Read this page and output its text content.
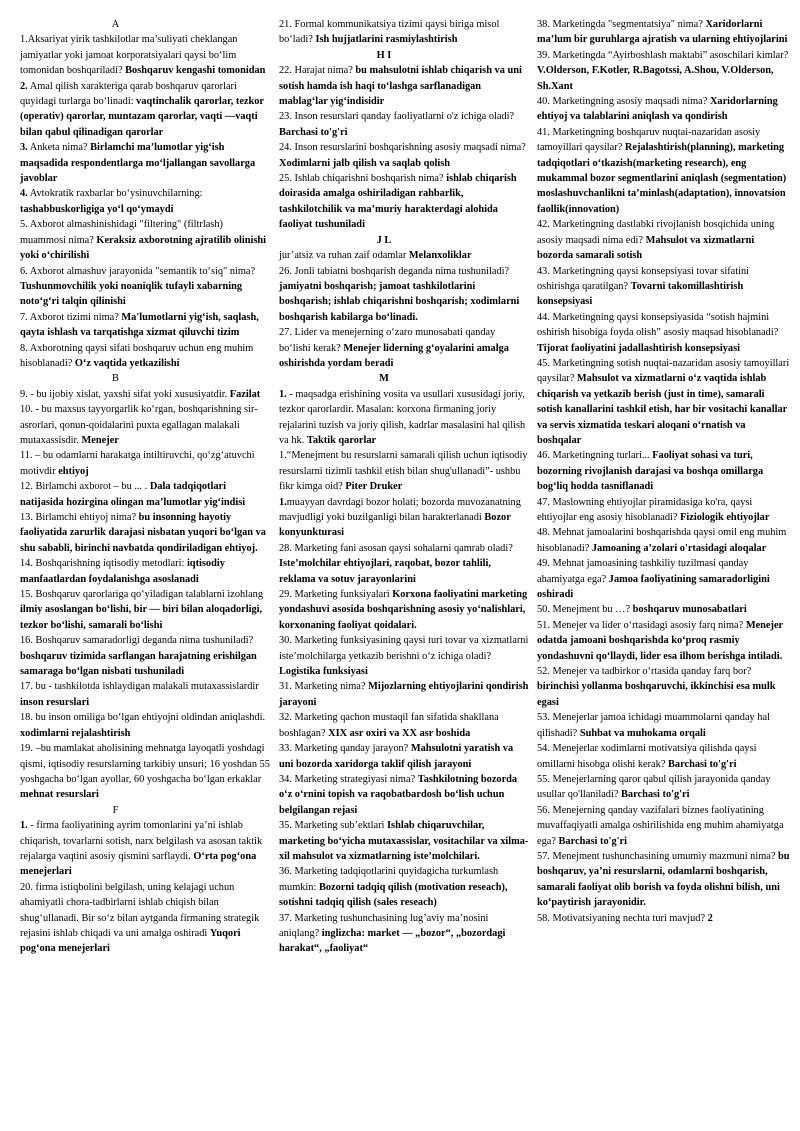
A

1.Aksariyat yirik tashkilotlar ma’suliyati cheklangan jamiyatlar yoki jamoat korporatsiyalari qaysi bo‘lim tomonidan boshqariladi? Boshqaruv kengashi tomonidan

2. Amal qilish xarakteriga qarab boshqaruv qarorlari quyidagi turlarga bo‘linadi: vaqtinchalik qarorlar, tezkor (operativ) qarorlar, muntazam qarorlar, vaqti —vaqti bilan qabul qilinadigan qarorlar

3. Anketa nima? Birlamchi ma’lumotlar yig‘ish maqsadida respondentlarga mo‘ljallangan savollarga javoblar

4. Avtokratik raxbarlar bo‘ysinuvchilarning: tashabbuskorligiga yo‘l qo‘ymaydi

5. Axborot almashinishidagi "filtering" (filtrlash) muammosi nima? Keraksiz axborotning ajratilib olinishi yoki o‘chirilishi

6. Axborot almashuv jarayonida "semantik to‘siq" nima? Tushunmovchilik yoki noaniqlik tufayli xabarning noto‘g‘ri talqin qilinishi

7. Axborot tizimi nima? Ma'lumotlarni yig‘ish, saqlash, qayta ishlash va tarqatishga xizmat qiluvchi tizim

8. Axborotning qaysi sifati boshqaruv uchun eng muhim hisoblanadi? O‘z vaqtida yetkazilishi

B

9. - bu ijobiy xislat, yaxshi sifat yoki xususiyatdir. Fazilat

10. - bu maxsus tayyorgarlik ko‘rgan, boshqarishning sir-asrorlari, qonun-qoidalarini puxta egallagan malakali mutaxassisdir. Menejer

11. – bu odamlarni harakatga intiltiruvchi, qo‘zg‘atuvchi motivdir ehtiyoj

12. Birlamchi axborot – bu ... . Dala tadqiqotlari natijasida hozirgina olingan ma’lumotlar yig‘indisi

13. Birlamchi ehtiyoj nima? bu insonning hayotiy faoliyatida zarurlik darajasi nisbatan yuqori bo‘lgan va shu sababli, birinchi navbatda qondiriladigan ehtiyoj.

14. Boshqarishning iqtisodiy metodlari: iqtisodiy manfaatlardan foydalanishga asoslanadi

15. Boshqaruv qarorlariga qo‘yiladigan talablarni izohlang ilmiy asoslangan bo‘lishi, bir — biri bilan aloqadorligi, tezkor bo‘lishi, samarali bo‘lishi

16. Boshqaruv samaradorligi deganda nima tushuniladi? boshqaruv tizimida sarflangan harajatning erishilgan samaraga bo‘lgan nisbati tushuniladi

17. bu - tashkilotda ishlaydigan malakali mutaxassislardir inson resurslari

18. bu inson omiliga bo‘lgan ehtiyojni oldindan aniqlashdi. xodimlarni rejalashtirish

19. –bu mamlakat aholisining mehnatga layoqatli yoshdagi qismi, iqtisodiy resurslarning tarkibiy unsuri; 16 yoshdan 55 yoshgacha bo‘lgan ayollar, 60 yoshgacha bo‘lgan erkaklar mehnat resurslari

F

1. - firma faoliyatining ayrim tomonlarini ya’ni ishlab chiqarish, tovarlarni sotish, narx belgilash va asosan taktik rejalarga vaqtini asosiy qismini sarflaydi. O‘rta pog‘ona menejerlari

20. firma istiqbolini belgilash, uning kelajagi uchun ahamiyatli chora-tadbirlarni ishlab chiqish bilan shug‘ullanadi. Bir so‘z bilan aytganda firmaning strategik rejasini ishlab chiqadi va uni amalga oshiradi Yuqori pog‘ona menejerlari

21. Formal kommunikatsiya tizimi qaysi biriga misol bo‘ladi? Ish hujjatlarini rasmiylashtirish

H I

22. Harajat nima? bu mahsulotni ishlab chiqarish va uni sotish hamda ish haqi to‘lashga sarflanadigan mablag‘lar yig‘indisidir

23. Inson resurslari qanday faoliyatlarni o'z ichiga oladi? Barchasi to'g'ri

24. Inson resurslarini boshqarishning asosiy maqsadi nima? Xodimlarni jalb qilish va saqlab qolish

25. Ishlab chiqarishni boshqarish nima? ishlab chiqarish doirasida amalga oshiriladigan rahbarlik, tashkilotchilik va ma’muriy harakterdagi alohida faoliyat tushuniladi

J L

jur’atsiz va ruhan zaif odamlar Melanxoliklar

26. Jonli tabiatni boshqarish deganda nima tushuniladi? jamiyatni boshqarish; jamoat tashkilotlarini boshqarish; ishlab chiqarishni boshqarish; xodimlarni boshqarish kabilarga bo‘linadi.

27. Lider va menejerning o‘zaro munosabati qanday bo‘lishi kerak? Menejer liderning g‘oyalarini amalga oshirishda yordam beradi

M

1. - maqsadga erishining vosita va usullari xususidagi joriy, tezkor qarorlardir. Masalan: korxona firmaning joriy rejalarini tuzish va joriy qilish, kadrlar masalasini hal qilish va hk. Taktik qarorlar

1.“Menejment bu resurslarni samarali qilish uchun iqtisodiy resurslarni tizimli tashkil etish bilan shug'ullanadi”- ushbu fikr kimga oid? Piter Druker

1.muayyan davrdagi bozor holati; bozorda muvozanatning mavjudligi yoki buzilganligi bilan harakterlanadi Bozor konyunkturasi

28. Marketing fani asosan qaysi sohalarni qamrab oladi? Iste’molchilar ehtiyojlari, raqobat, bozor tahlili, reklama va sotuv jarayonlarini

29. Marketing funksiyalari Korxona faoliyatini marketing yondashuvi asosida boshqarishning asosiy yo‘nalishlari, korxonaning faoliyat qoidalari.

30. Marketing funksiyasining qaysi turi tovar va xizmatlarni iste’molchilarga yetkazib berishni o‘z ichiga oladi? Logistika funksiyasi

31. Marketing nima? Mijozlarning ehtiyojlarini qondirish jarayoni

32. Marketing qachon mustaqil fan sifatida shakllana boshlagan? XIX asr oxiri va XX asr boshida

33. Marketing qanday jarayon? Mahsulotni yaratish va uni bozorda xaridorga taklif qilish jarayoni

34. Marketing strategiyasi nima? Tashkilotning bozorda o‘z o‘rnini topish va raqobatbardosh bo‘lish uchun belgilangan rejasi

35. Marketing sub’ektlari Ishlab chiqaruvchilar, marketing bo‘yicha mutaxassislar, vositachilar va xilma-xil mahsulot va xizmatlarning iste’molchilari.

36. Marketing tadqiqotlarini quyidagicha turkumlash mumkin: Bozorni tadqiq qilish (motivation reseach), sotishni tadqiq qilish (sales reseach)

37. Marketing tushunchasining lug’aviy ma’nosini aniqlang? inglizcha: market — „bozor“, „bozordagi harakat“, „faoliyat“

38. Marketingda "segmentatsiya" nima? Xaridorlarni ma’lum bir guruhlarga ajratish va ularning ehtiyojlarini

39. Marketingda “Ayirboshlash maktabi” asoschilari kimlar? V.Olderson, F.Kotler, R.Bagotssi, A.Shou, V.Olderson, Sh.Xant

40. Marketingning asosiy maqsadi nima? Xaridorlarning ehtiyoj va talablarini aniqlash va qondirish

41. Marketingning boshqaruv nuqtai-nazaridan asosiy tamoyillari qaysilar? Rejalashtirish(planning), marketing tadqiqotlari o‘tkazish(marketing research), eng mukammal bozor segmentlarini aniqlash (segmentation) moslashuvchanlikni ta’minlash(adaptation), innovatsion faollik(innovation)

42. Marketingning dastlabki rivojlanish bosqichida uning asosiy maqsadi nima edi? Mahsulot va xizmatlarni bozorda samarali sotish

43. Marketingning qaysi konsepsiyasi tovar sifatini oshirishga qaratilgan? Tovarni takomillashtirish konsepsiyasi

44. Marketingning qaysi konsepsiyasida “sotish hajmini oshirish hisobiga foyda olish” asosiy maqsad hisoblanadi? Tijorat faoliyatini jadallashtirish konsepsiyasi

45. Marketingning sotish nuqtai-nazaridan asosiy tamoyillari qaysilar? Mahsulot va xizmatlarni o‘z vaqtida ishlab chiqarish va yetkazib berish (just in time), samarali sotish kanallarini tashkil etish, har bir vositachi kanallar va servis xizmatida teskari aloqani o‘rnatish va boshqalar

46. Marketingning turlari... Faoliyat sohasi va turi, bozorning rivojlanish darajasi va boshqa omillarga bog‘liq hodda tasniflanadi

47. Maslowning ehtiyojlar piramidasiga ko'ra, qaysi ehtiyojlar eng asosiy hisoblanadi? Fiziologik ehtiyojlar

48. Mehnat jamoalarini boshqarishda qaysi omil eng muhim hisoblanadi? Jamoaning a’zolari o'rtasidagi aloqalar

49. Mehnat jamoasining tashkiliy tuzilmasi qanday ahamiyatga ega? Jamoa faoliyatining samaradorligini oshiradi

50. Menejment bu …? boshqaruv munosabatlari

51. Menejer va lider o‘rtasidagi asosiy farq nima? Menejer odatda jamoani boshqarishda ko‘proq rasmiy yondashuvni qo‘llaydi, lider esa ilhom berishga intiladi.

52. Menejer va tadbirkor o‘rtasida qanday farq bor? birinchisi yollanma boshqaruvchi, ikkinchisi esa mulk egasi

53. Menejerlar jamoa ichidagi muammolarni qanday hal qilishadi? Suhbat va muhokama orqali

54. Menejerlar xodimlarni motivatsiya qilishda qaysi omillarni hisobga olishi kerak? Barchasi to'g'ri

55. Menejerlarning qaror qabul qilish jarayonida qanday usullar qo'llaniladi? Barchasi to'g'ri

56. Menejerning qanday vazifalari biznes faoliyatining muvaffaqiyatli amalga oshirilishida eng muhim ahamiyatga ega? Barchasi to'g'ri

57. Menejment tushunchasining umumiy mazmuni nima? bu boshqaruv, ya’ni resurslarni, odamlarni boshqarish, samarali faoliyat olib borish va foyda olishni bilish, uni ko‘paytirish jarayonidir.

58. Motivatsiyaning nechta turi mavjud? 2
